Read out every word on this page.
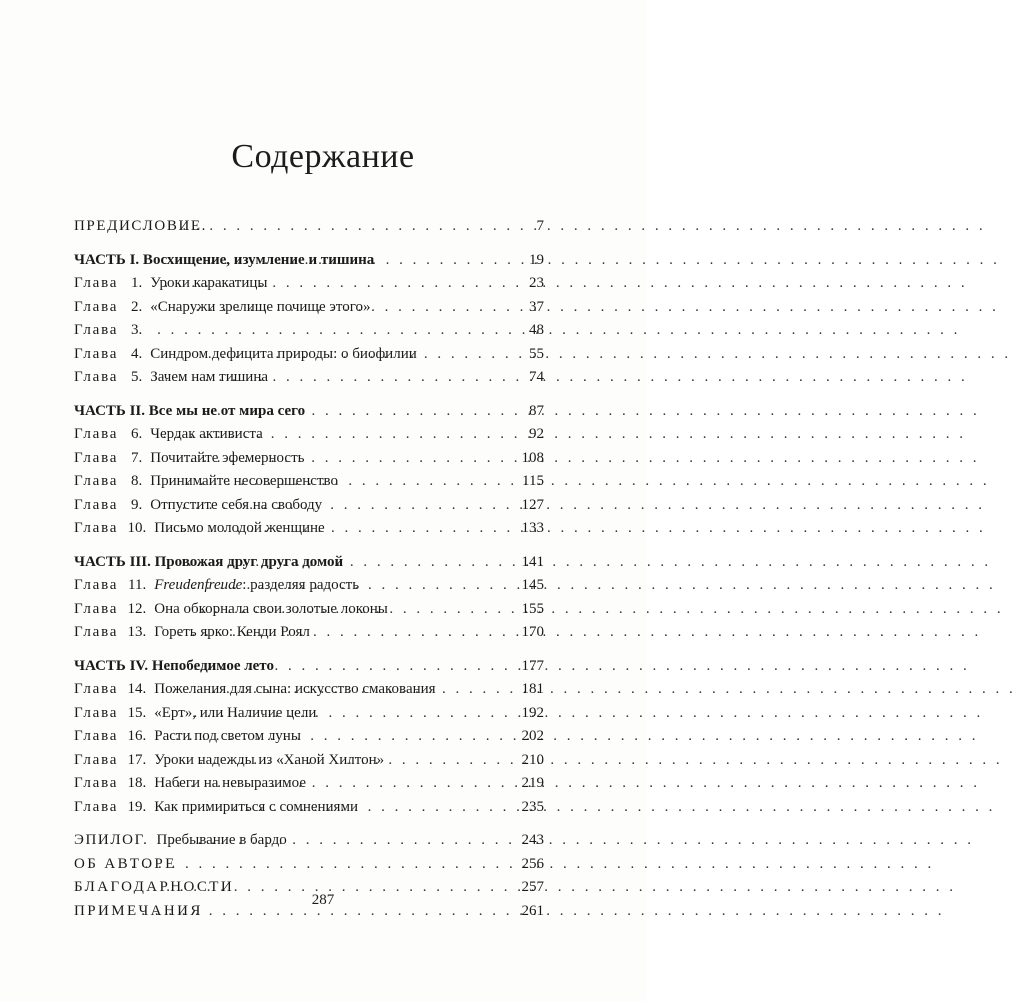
Содержание
ПРЕДИСЛОВИЕ. . . .	7
ЧАСТЬ I. Восхищение, изумление и тишина . . .	19
Глава 1. Уроки каракатицы . . .	23
Глава 2. «Снаружи зрелище почище этого» . . .	37
Глава 3. . . .	48
Глава 4. Синдром дефицита природы: о биофилии . . .	55
Глава 5. Зачем нам тишина . . .	74
ЧАСТЬ II. Все мы не от мира сего . . .	87
Глава 6. Чердак активиста . . .	92
Глава 7. Почитайте эфемерность . . .	108
Глава 8. Принимайте несовершенство . . .	115
Глава 9. Отпустите себя на свободу . . .	127
Глава 10. Письмо молодой женщине . . .	133
ЧАСТЬ III. Провожая друг друга домой . . .	141
Глава 11. Freudenfreude: разделяя радость . . .	145
Глава 12. Она обкорнала свои золотые локоны . . .	155
Глава 13. Гореть ярко: Кенди Роял . . .	170
ЧАСТЬ IV. Непобедимое лето . . .	177
Глава 14. Пожелания для сына: искусство смакования . . .	181
Глава 15. «Ерт», или Наличие цели . . .	192
Глава 16. Расти под светом луны . . .	202
Глава 17. Уроки надежды из «Ханой Хилтон» . . .	210
Глава 18. Набеги на невыразимое . . .	219
Глава 19. Как примириться с сомнениями . . .	235
ЭПИЛОГ. Пребывание в бардо . . .	243
ОБ АВТОРЕ . . .	256
БЛАГОДАРНОСТИ . . .	257
ПРИМЕЧАНИЯ . . .	261
287
